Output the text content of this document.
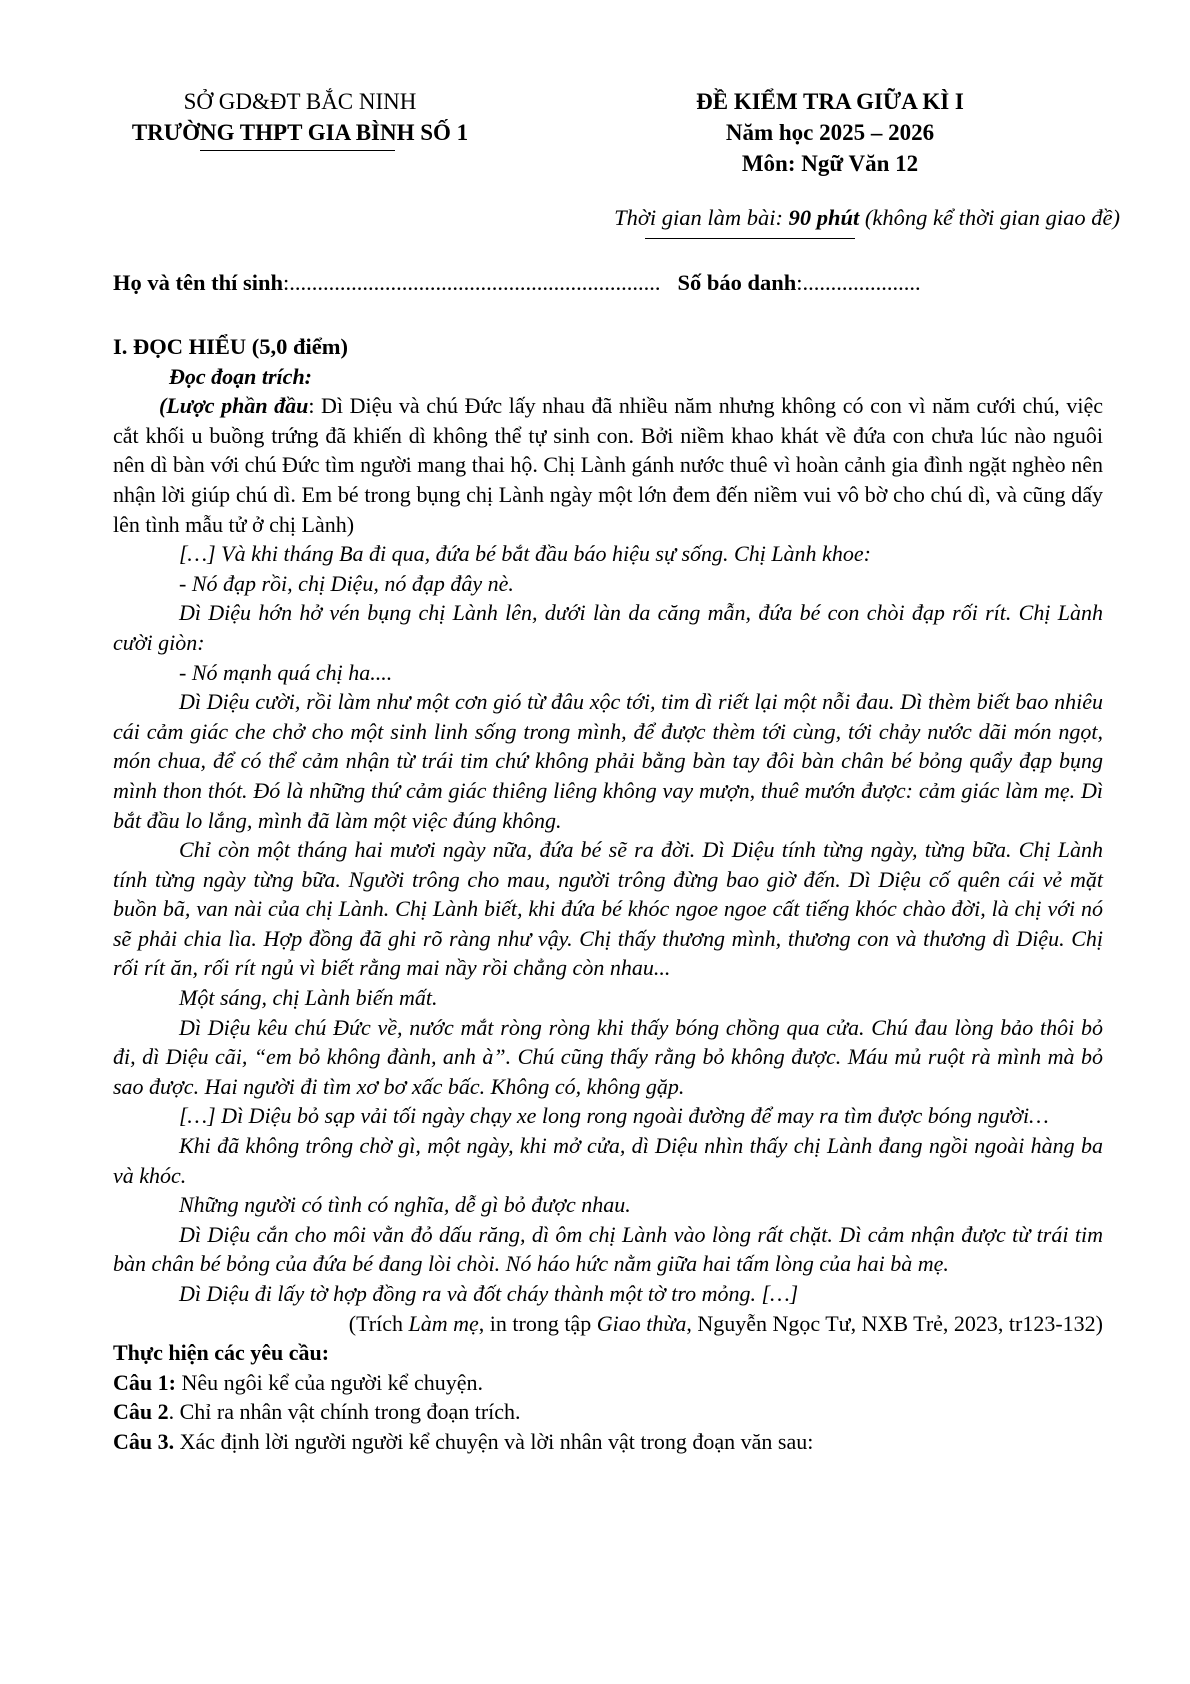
SỞ GD&ĐT BẮC NINH
TRƯỜNG THPT GIA BÌNH SỐ 1
ĐỀ KIỂM TRA GIỮA KÌ I
Năm học 2025 – 2026
Môn: Ngữ Văn 12
Thời gian làm bài: 90 phút (không kể thời gian giao đề)
Họ và tên thí sinh:.................................................................. Số báo danh:.....................

I. ĐỌC HIỂU (5,0 điểm)

Đọc đoạn trích:

(Lược phần đầu: Dì Diệu và chú Đức lấy nhau đã nhiều năm nhưng không có con vì năm cưới chú, việc cắt khối u buồng trứng đã khiến dì không thể tự sinh con. Bởi niềm khao khát về đứa con chưa lúc nào nguôi nên dì bàn với chú Đức tìm người mang thai hộ. Chị Lành gánh nước thuê vì hoàn cảnh gia đình ngặt nghèo nên nhận lời giúp chú dì. Em bé trong bụng chị Lành ngày một lớn đem đến niềm vui vô bờ cho chú dì, và cũng dấy lên tình mẫu tử ở chị Lành)

[…] Và khi tháng Ba đi qua, đứa bé bắt đầu báo hiệu sự sống. Chị Lành khoe:

- Nó đạp rồi, chị Diệu, nó đạp đây nè.

Dì Diệu hớn hở vén bụng chị Lành lên, dưới làn da căng mẫn, đứa bé con chòi đạp rối rít. Chị Lành cười giòn:

- Nó mạnh quá chị ha....

Dì Diệu cười, rồi làm như một cơn gió từ đâu xộc tới, tim dì riết lại một nỗi đau. Dì thèm biết bao nhiêu cái cảm giác che chở cho một sinh linh sống trong mình, để được thèm tới cùng, tới chảy nước dãi món ngọt, món chua, để có thể cảm nhận từ trái tim chứ không phải bằng bàn tay đôi bàn chân bé bỏng quẩy đạp bụng mình thon thót. Đó là những thứ cảm giác thiêng liêng không vay mượn, thuê mướn được: cảm giác làm mẹ. Dì bắt đầu lo lắng, mình đã làm một việc đúng không.

Chỉ còn một tháng hai mươi ngày nữa, đứa bé sẽ ra đời. Dì Diệu tính từng ngày, từng bữa. Chị Lành tính từng ngày từng bữa. Người trông cho mau, người trông đừng bao giờ đến. Dì Diệu cố quên cái vẻ mặt buồn bã, van nài của chị Lành. Chị Lành biết, khi đứa bé khóc ngoe ngoe cất tiếng khóc chào đời, là chị với nó sẽ phải chia lìa. Hợp đồng đã ghi rõ ràng như vậy. Chị thấy thương mình, thương con và thương dì Diệu. Chị rối rít ăn, rối rít ngủ vì biết rằng mai nầy rồi chẳng còn nhau...

Một sáng, chị Lành biến mất.

Dì Diệu kêu chú Đức về, nước mắt ròng ròng khi thấy bóng chồng qua cửa. Chú đau lòng bảo thôi bỏ đi, dì Diệu cãi, “em bỏ không đành, anh à”. Chú cũng thấy rằng bỏ không được. Máu mủ ruột rà mình mà bỏ sao được. Hai người đi tìm xơ bơ xấc bấc. Không có, không gặp.

[…] Dì Diệu bỏ sạp vải tối ngày chạy xe long rong ngoài đường để may ra tìm được bóng người…

Khi đã không trông chờ gì, một ngày, khi mở cửa, dì Diệu nhìn thấy chị Lành đang ngồi ngoài hàng ba và khóc.

Những người có tình có nghĩa, dễ gì bỏ được nhau.

Dì Diệu cắn cho môi vằn đỏ dấu răng, dì ôm chị Lành vào lòng rất chặt. Dì cảm nhận được từ trái tim bàn chân bé bỏng của đứa bé đang lòi chòi. Nó háo hức nằm giữa hai tấm lòng của hai bà mẹ.

Dì Diệu đi lấy tờ hợp đồng ra và đốt cháy thành một tờ tro mỏng. […]

(Trích Làm mẹ, in trong tập Giao thừa, Nguyễn Ngọc Tư, NXB Trẻ, 2023, tr123-132)

Thực hiện các yêu cầu:

Câu 1: Nêu ngôi kể của người kể chuyện.

Câu 2. Chỉ ra nhân vật chính trong đoạn trích.

Câu 3. Xác định lời người người kể chuyện và lời nhân vật trong đoạn văn sau:
